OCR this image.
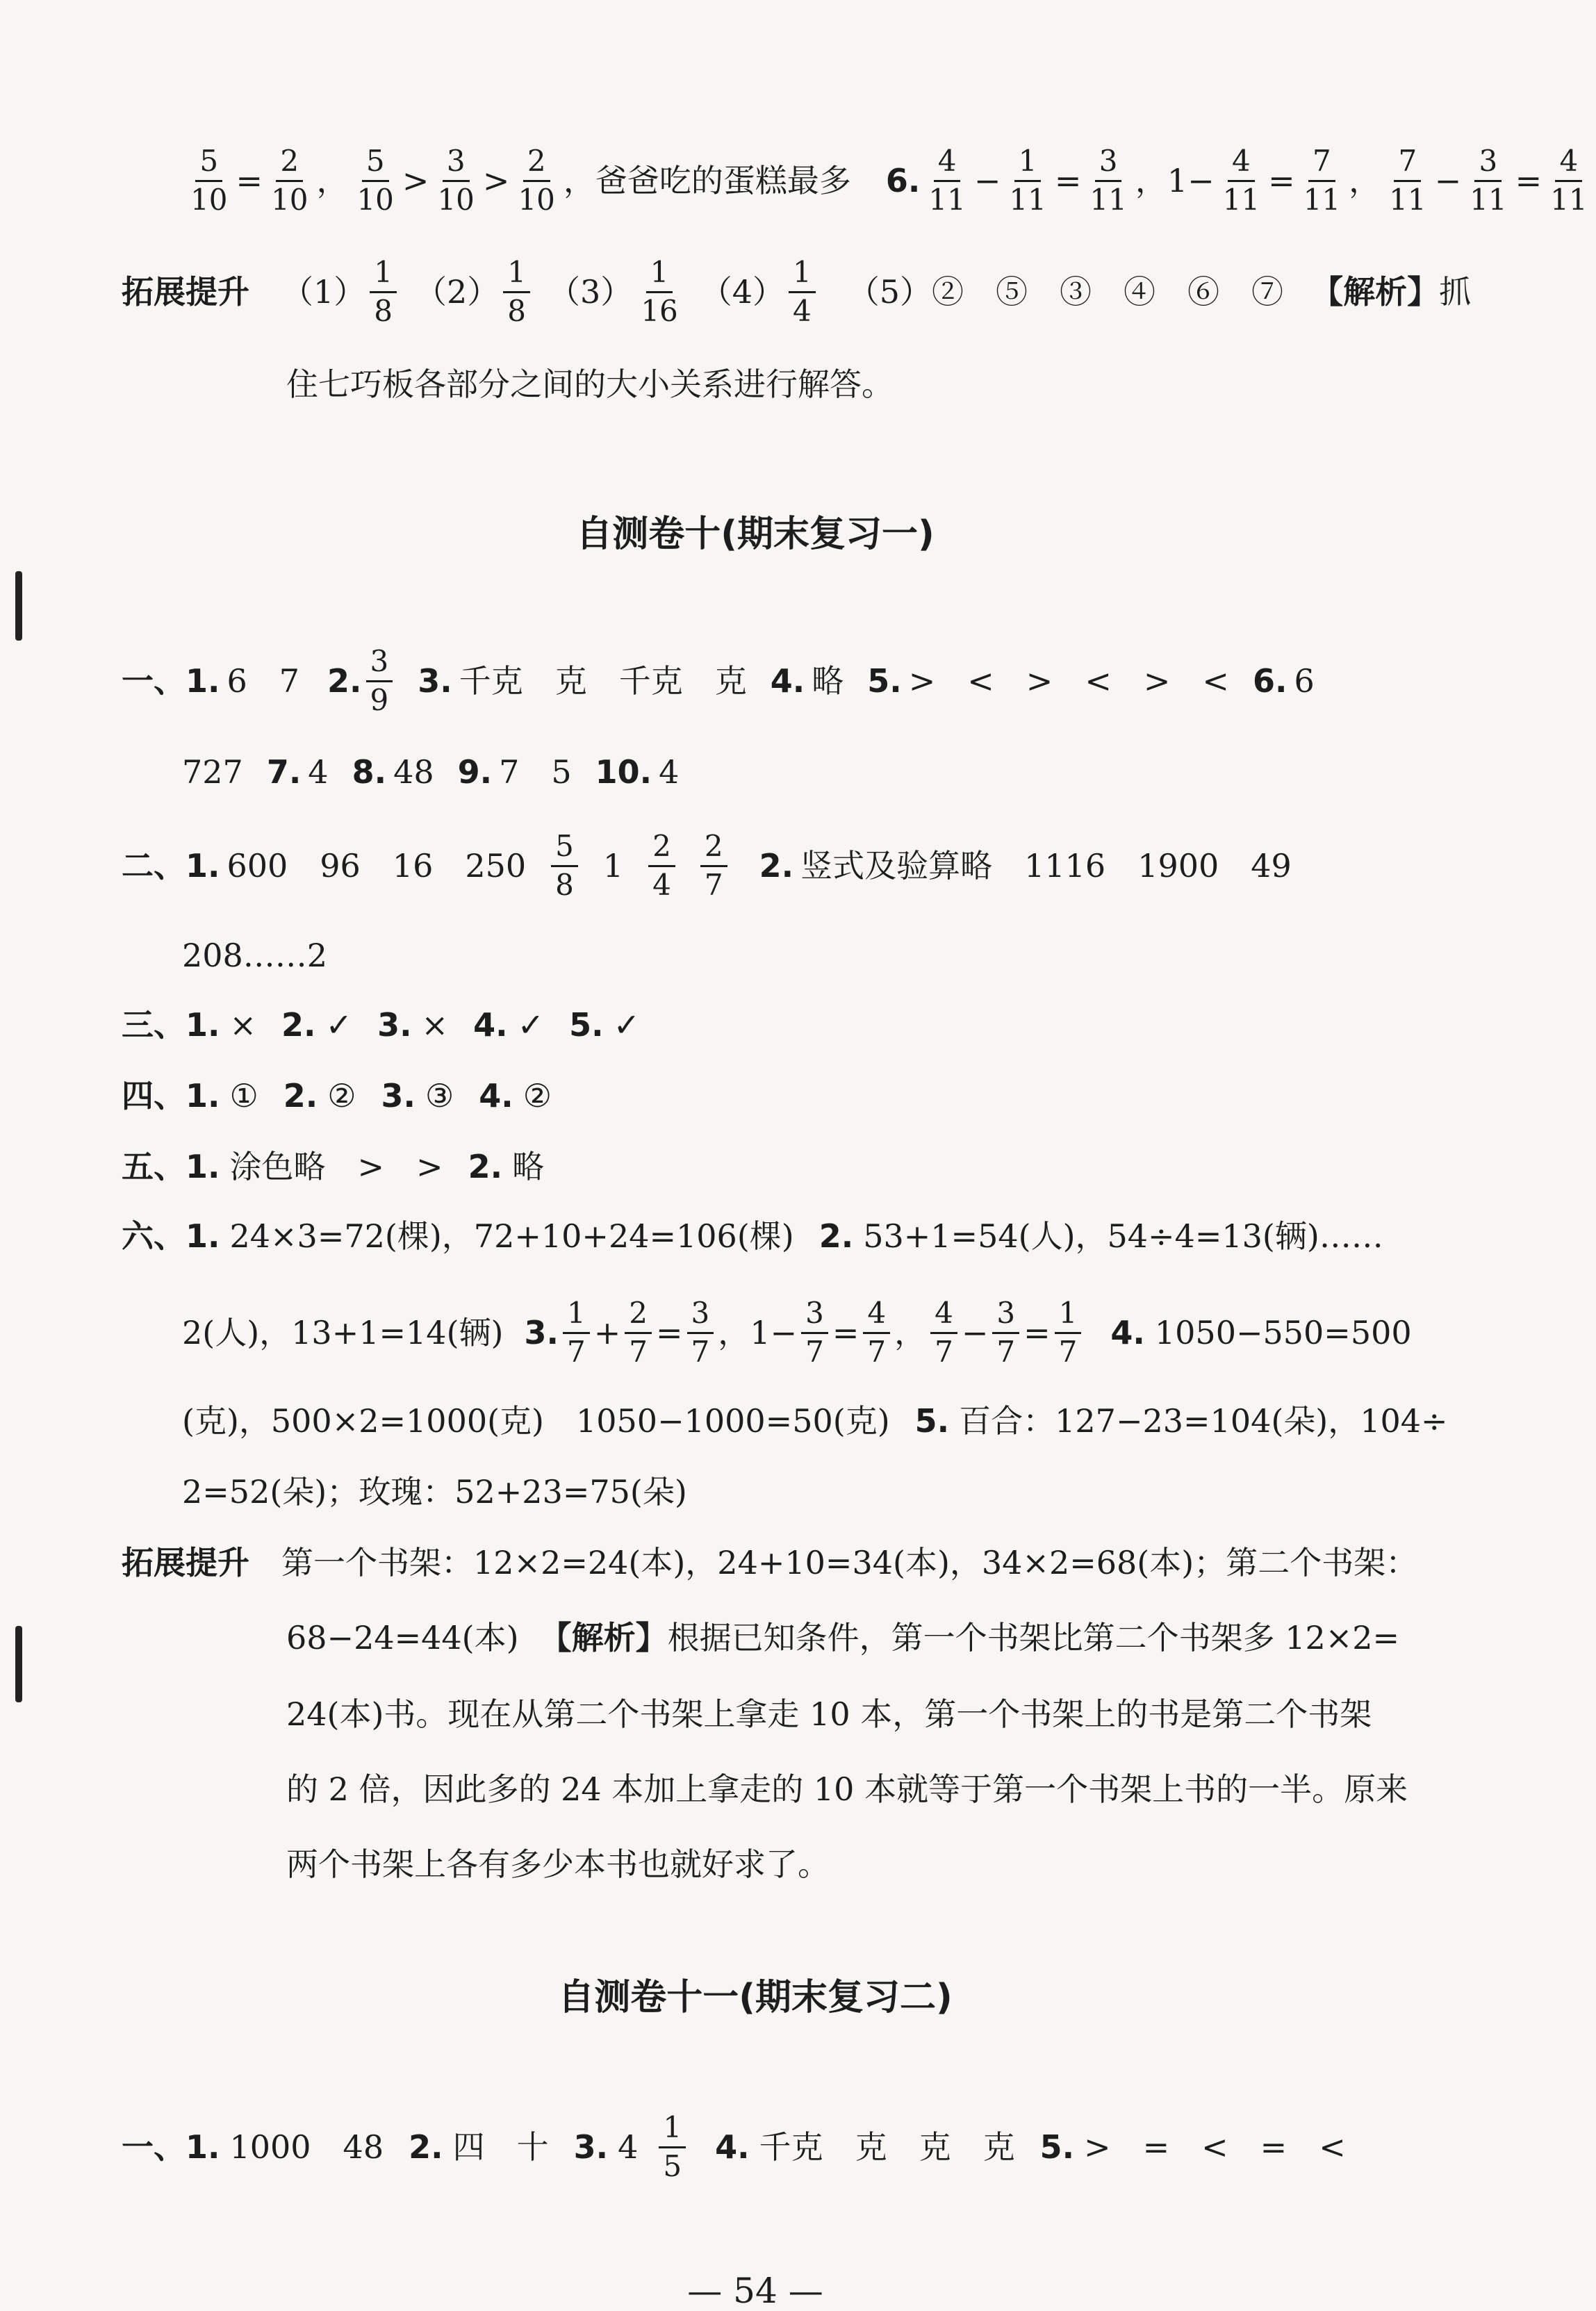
$\frac{5}{10} = \frac{2}{10}$ ， $\frac{5}{10} > \frac{3}{10} > \frac{2}{10}$ ，爸爸吃的蛋糕最多 6. $\frac{4}{11} - \frac{1}{11} = \frac{3}{11}$ ， $1 - \frac{4}{11} = \frac{7}{11}$ ， $\frac{7}{11} - \frac{3}{11} = \frac{4}{11}$
拓展提升 $(1) \frac{1}{8} (2) \frac{1}{8} (3) \frac{1}{16} (4) \frac{1}{4}$ （5）②　⑤　③　④　⑥　⑦ 【解析】 抓
住七巧板各部分之间的大小关系进行解答。
自测卷十(期末复习一)
一、 1. 6　7 2. $\frac{3}{9} 3$. 千克　克　千克　克 4. 略 5. >　<　>　<　>　< 6. 6
727 7. 4 8. 48 9. 7　5 10. 4
二、 1. 600　96　16　$250 \frac{5}{8} 1 \frac{2}{4} \frac{2}{7} 2$. 竖式及验算略　1116　1900　49
208……2
三、 1. × 2. ✓ 3. × 4. ✓ 5. ✓
四、 1. ① 2. ② 3. ③ 4. ②
五、 1. 涂色略　>　> 2. 略
六、 1. 24×3=72(棵)，72+10+24=106(棵) 2. 53+1=54(人)，54÷4=13(辆)……
2(人)，13+1=14(辆) 3. $\frac{1}{7} + \frac{2}{7} = \frac{3}{7}$ ， $1 - \frac{3}{7} = \frac{4}{7}$ ， $\frac{4}{7} - \frac{3}{7} = \frac{1}{7} 4$. 1050−550=500
(克)，500×2=1000(克)　1050−1000=50(克) 5. 百合：127−23=104(朵)，104÷
2=52(朵)；玫瑰：52+23=75(朵)
拓展提升 第一个书架：12×2=24(本)，24+10=34(本)，34×2=68(本)；第二个书架：
68−24=44(本) 【解析】 根据已知条件，第一个书架比第二个书架多 12×2=
24(本)书。现在从第二个书架上拿走 10 本，第一个书架上的书是第二个书架
的 2 倍，因此多的 24 本加上拿走的 10 本就等于第一个书架上书的一半。原来
两个书架上各有多少本书也就好求了。
自测卷十一(期末复习二)
一、 1. 1000　48 2. 四　十 3. $4 \frac{1}{5} 4$. 千克　克　克　克 5. >　=　<　=　<
— 54 —
